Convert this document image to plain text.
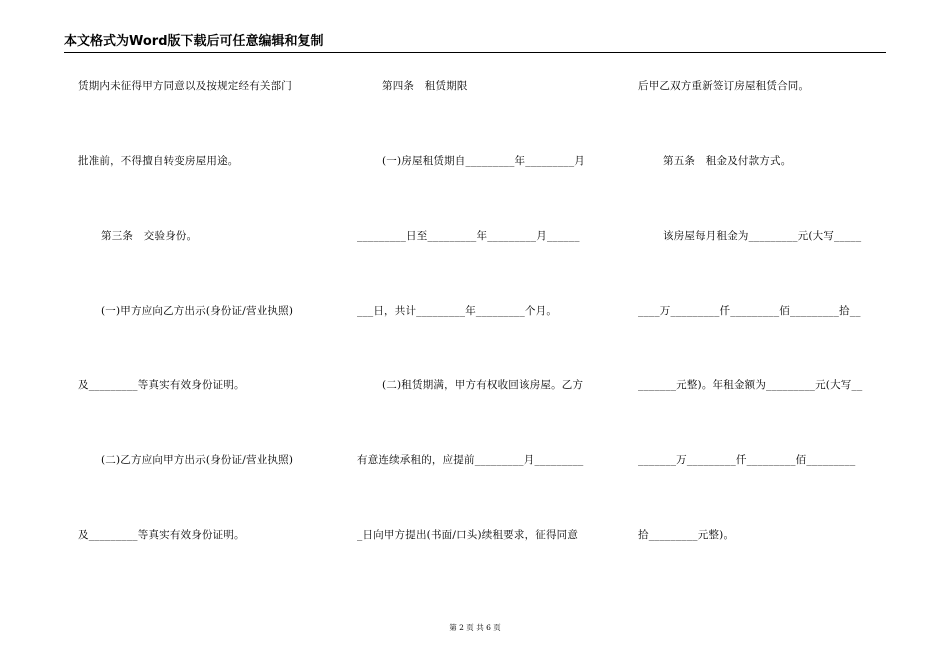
本文格式为Word版下载后可任意编辑和复制
赁期内未征得甲方同意以及按规定经有关部门
批准前，不得擅自转变房屋用途。
第三条　交验身份。
(一)甲方应向乙方出示(身份证/营业执照)
及_________等真实有效身份证明。
(二)乙方应向甲方出示(身份证/营业执照)
及_________等真实有效身份证明。
第四条　租赁期限
(一)房屋租赁期自_________年_________月
_________日至_________年_________月______
___日，共计_________年_________个月。
(二)租赁期满，甲方有权收回该房屋。乙方
有意连续承租的，应提前_________月_________
_日向甲方提出(书面/口头)续租要求，征得同意
后甲乙双方重新签订房屋租赁合同。
第五条　租金及付款方式。
该房屋每月租金为_________元(大写_____
____万_________仟_________佰_________拾__
_______元整)。年租金额为_________元(大写__
_______万_________仟_________佰_________
拾_________元整)。
第 2 页 共 6 页
